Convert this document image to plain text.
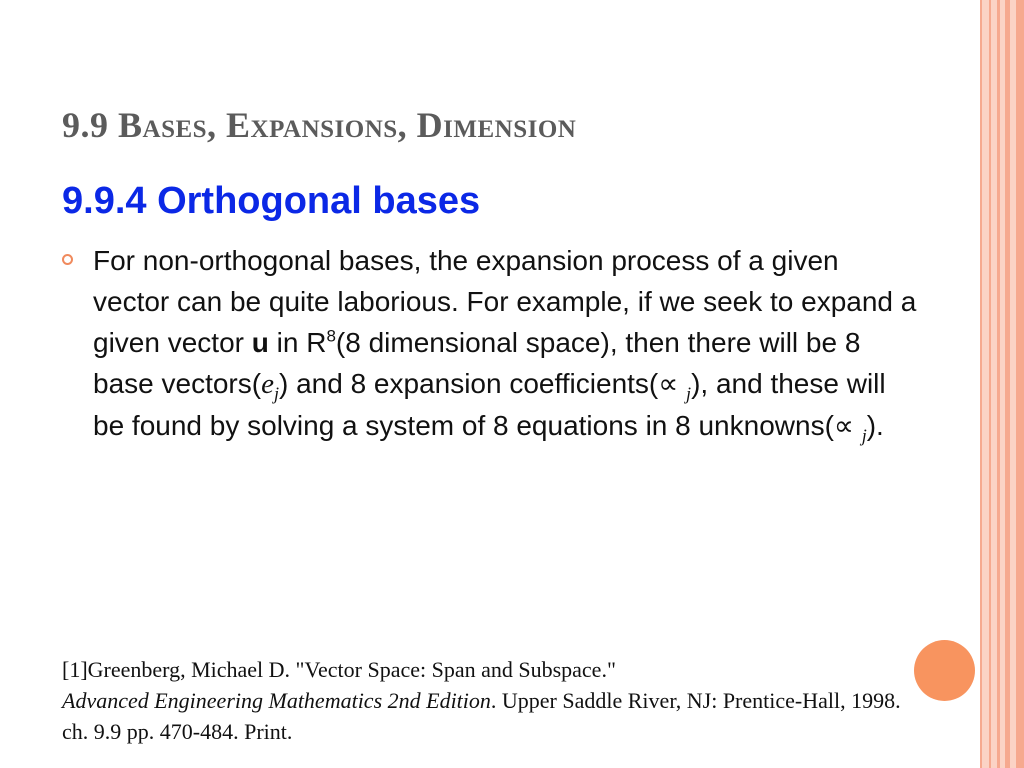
9.9 Bases, Expansions, Dimension
9.9.4 Orthogonal bases
For non-orthogonal bases, the expansion process of a given vector can be quite laborious. For example, if we seek to expand a given vector u in $R^8(8$ dimensional space), then there will be 8 base $vectors(e_j)$ and 8 expansion coefficients(∝ $_j$), and these will be found by solving a system of 8 equations in 8 unknowns(∝ $_j$).
[1]Greenberg, Michael D. "Vector Space: Span and Subspace."
Advanced Engineering Mathematics 2nd Edition. Upper Saddle River, NJ: Prentice-Hall, 1998. ch. 9.9 pp. 470-484. Print.
